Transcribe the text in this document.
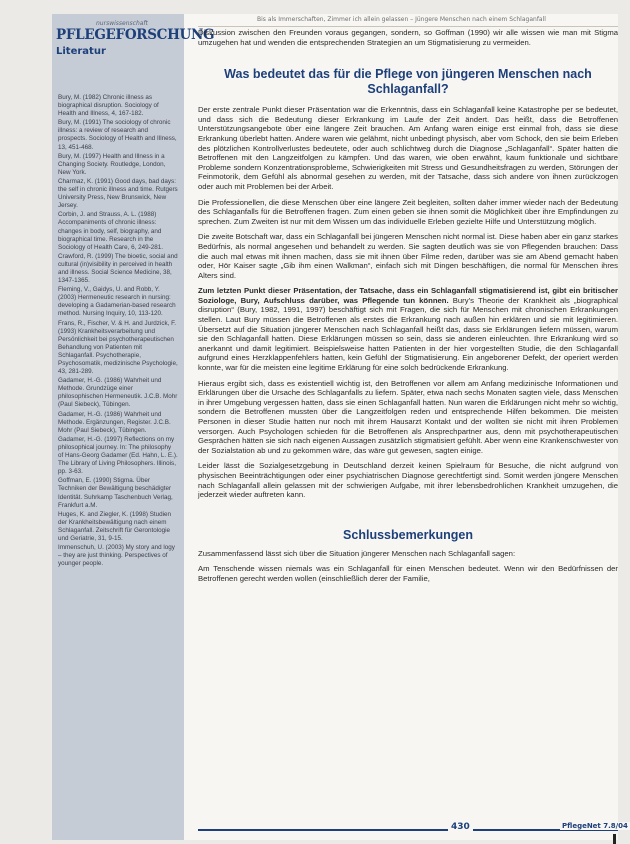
nurswissenschaft
PFLEGEFORSCHUNG
Literatur
Bury, M. (1982) Chronic illness as biographical disruption. Sociology of Health and Illness, 4, 167-182.
Bury, M. (1991) The sociology of chronic illness: a review of research and prospects. Sociology of Health and Illness, 13, 451-468.
Bury, M. (1997) Health and Illness in a Changing Society. Routledge, London, New York.
Charmaz, K. (1991) Good days, bad days: the self in chronic illness and time. Rutgers University Press, New Brunswick, New Jersey.
Corbin, J. and Strauss, A. L. (1988) Accompaniments of chronic illness: changes in body, self, biography, and biographical time. Research in the Sociology of Health Care, 6, 249-281.
Crawford, R. (1999) The bioetic, social and cultural (in)visibility in perceived in health and illness. Social Science Medicine, 38, 1347-1365.
Fleming, V., Gaidys, U. and Robb, Y. (2003) Hermeneutic research in nursing: developing a Gadamerian-based research method. Nursing Inquiry, 10, 113-120.
Frans, R., Fischer, V. & H. and Jurdzick, F. (1993) Krankheitsverarbeitung und Persönlichkeit bei psychotherapeutischen Behandlung von Patienten mit Schlaganfall. Psychotherapie, Psychosomatik, medizinische Psychologie, 43, 281-289.
Gadamer, H.-G. (1986) Wahrheit und Methode. Grundzüge einer philosophischen Hermeneutik. J.C.B. Mohr (Paul Siebeck), Tübingen.
Gadamer, H.-G. (1986) Wahrheit und Methode. Ergänzungen, Register. J.C.B. Mohr (Paul Siebeck), Tübingen.
Gadamer, H.-G. (1997) Reflections on my philosophical journey. In: The philosophy of Hans-Georg Gadamer (Ed. Hahn, L. E.). The Library of Living Philosophers. Illinois, pp. 3-63.
Goffman, E. (1990) Stigma. Über Techniken der Bewältigung beschädigter Identität. Suhrkamp Taschenbuch Verlag, Frankfurt a.M.
Huges, K. and Ziegler, K. (1998) Studien der Krankheitsbewältigung nach einem Schlaganfall. Zeitschrift für Gerontologie und Geriatrie, 31, 9-15.
Immenschuh, U. (2003) My story and logy – they are just thinking. Perspectives of younger people.
Bis als Immerschaften, Zimmer ich allein gelassen – Jüngere Menschen nach einem Schlaganfall

Diskussion zwischen den Freunden voraus gegangen, sondern, so Goffman (1990) wir alle wissen wie man mit Stigma umzugehen hat und wenden die entsprechenden Strategien an um Stigmatisierung zu vermeiden.

Was bedeutet das für die Pflege von jüngeren Menschen nach Schlaganfall?

Der erste zentrale Punkt dieser Präsentation war die Erkenntnis, dass ein Schlaganfall keine Katastrophe per se bedeutet, und dass sich die Bedeutung dieser Erkrankung im Laufe der Zeit ändert. Das heißt, dass die Betroffenen Unterstützungsangebote über eine längere Zeit brauchen. Am Anfang waren einige erst einmal froh, dass sie diese Erkrankung überlebt hatten. Andere waren wie gelähmt, nicht unbedingt physisch, aber vom Schock, den sie beim Erleben des plötzlichen Kontrollverlustes bedeutete, oder auch schlichtweg durch die Diagnose „Schlaganfall“. Später hatten die Betroffenen mit den Langzeitfolgen zu kämpfen. Und das waren, wie oben erwähnt, kaum funktionale und sichtbare Probleme sondern Konzentrationsprobleme, Schwierigkeiten mit Stress und Gesundheitsfragen zu werden, Störungen der Feinmotorik, dem Gefühl als abnormal gesehen zu werden, mit der Tatsache, dass sich andere von ihnen zurückzogen oder auch mit Problemen bei der Arbeit.

Die Professionellen, die diese Menschen über eine längere Zeit begleiten, sollten daher immer wieder nach der Bedeutung des Schlaganfalls für die Betroffenen fragen. Zum einen geben sie ihnen somit die Möglichkeit über ihre Empfindungen zu sprechen. Zum Zweiten ist nur mit dem Wissen um das individuelle Erleben gezielte Hilfe und Unterstützung möglich.

Die zweite Botschaft war, dass ein Schlaganfall bei jüngeren Menschen nicht normal ist. Diese haben aber ein ganz starkes Bedürfnis, als normal angesehen und behandelt zu werden. Sie sagten deutlich was sie von Pflegenden brauchen: Dass die auch mal etwas mit ihnen machen, dass sie mit ihnen über Filme reden, darüber was sie am Abend gemacht haben oder, Hör Kaiser sagte „Gib ihm einen Walkman“, einfach sich mit Dingen beschäftigen, die normal für Menschen ihres Alters sind.

Zum letzten Punkt dieser Präsentation, der Tatsache, dass ein Schlaganfall stigmatisierend ist, gibt ein britischer Soziologe, Bury, Aufschluss darüber, was Pflegende tun können. Bury’s Theorie der Krankheit als „biographical disruption“ (Bury, 1982, 1991, 1997) beschäftigt sich mit Fragen, die sich für Menschen mit chronischen Erkrankungen stellen. Laut Bury müssen die Betroffenen als erstes die Erkrankung nach außen hin erklären und sie mit legitimieren. Übersetzt auf die Situation jüngerer Menschen nach Schlaganfall heißt das, dass sie Erklärungen liefern müssen, warum sie den Schlaganfall hatten. Diese Erklärungen müssen so sein, dass sie anderen einleuchten. Ihre Erkrankung wird so anerkannt und damit legitimiert. Beispielsweise hatten Patienten in der hier vorgestellten Studie, die den Schlaganfall aufgrund eines Herzklappenfehlers hatten, kein Gefühl der Stigmatisierung. Ein angeborener Defekt, der operiert werden konnte, war für die meisten eine legitime Erklärung für eine solch bedrückende Erkrankung.

Hieraus ergibt sich, dass es existentiell wichtig ist, den Betroffenen vor allem am Anfang medizinische Informationen und Erklärungen über die Ursache des Schlaganfalls zu liefern. Später, etwa nach sechs Monaten sagten viele, dass Menschen in ihrer Umgebung vergessen hatten, dass sie einen Schlaganfall hatten. Nun waren die Erklärungen nicht mehr so wichtig, sondern die Betroffenen mussten über die Langzeitfolgen reden und entsprechende Hilfen bekommen. Die meisten Personen in dieser Studie hatten nur noch mit ihrem Hausarzt Kontakt und der wollten sie nicht mit ihren Problemen versorgen. Auch Psychologen schieden für die Betroffenen als Ansprechpartner aus, denn mit psychotherapeutischen Gesprächen hätten sie sich nach eigenen Aussagen zusätzlich stigmatisiert gefühlt. Aber wenn eine Krankenschwester von der Sozialstation ab und zu gekommen wäre, das wäre gut gewesen, sagten einige.

Leider lässt die Sozialgesetzgebung in Deutschland derzeit keinen Spielraum für Besuche, die nicht aufgrund von physischen Beeinträchtigungen oder einer psychiatrischen Diagnose gerechtfertigt sind. Somit werden jüngere Menschen nach Schlaganfall allein gelassen mit der schwierigen Aufgabe, mit ihrer lebensbedrohlichen Krankheit umzugehen, die jederzeit wieder auftreten kann.

Schlussbemerkungen

Zusammenfassend lässt sich über die Situation jüngerer Menschen nach Schlaganfall sagen:

Am Tenschende wissen niemals was ein Schlaganfall für einen Menschen bedeutet. Wenn wir den Bedürfnissen der Betroffenen gerecht werden wollen (einschließlich derer der Familie,

430	PflegeNet 7.8/04
